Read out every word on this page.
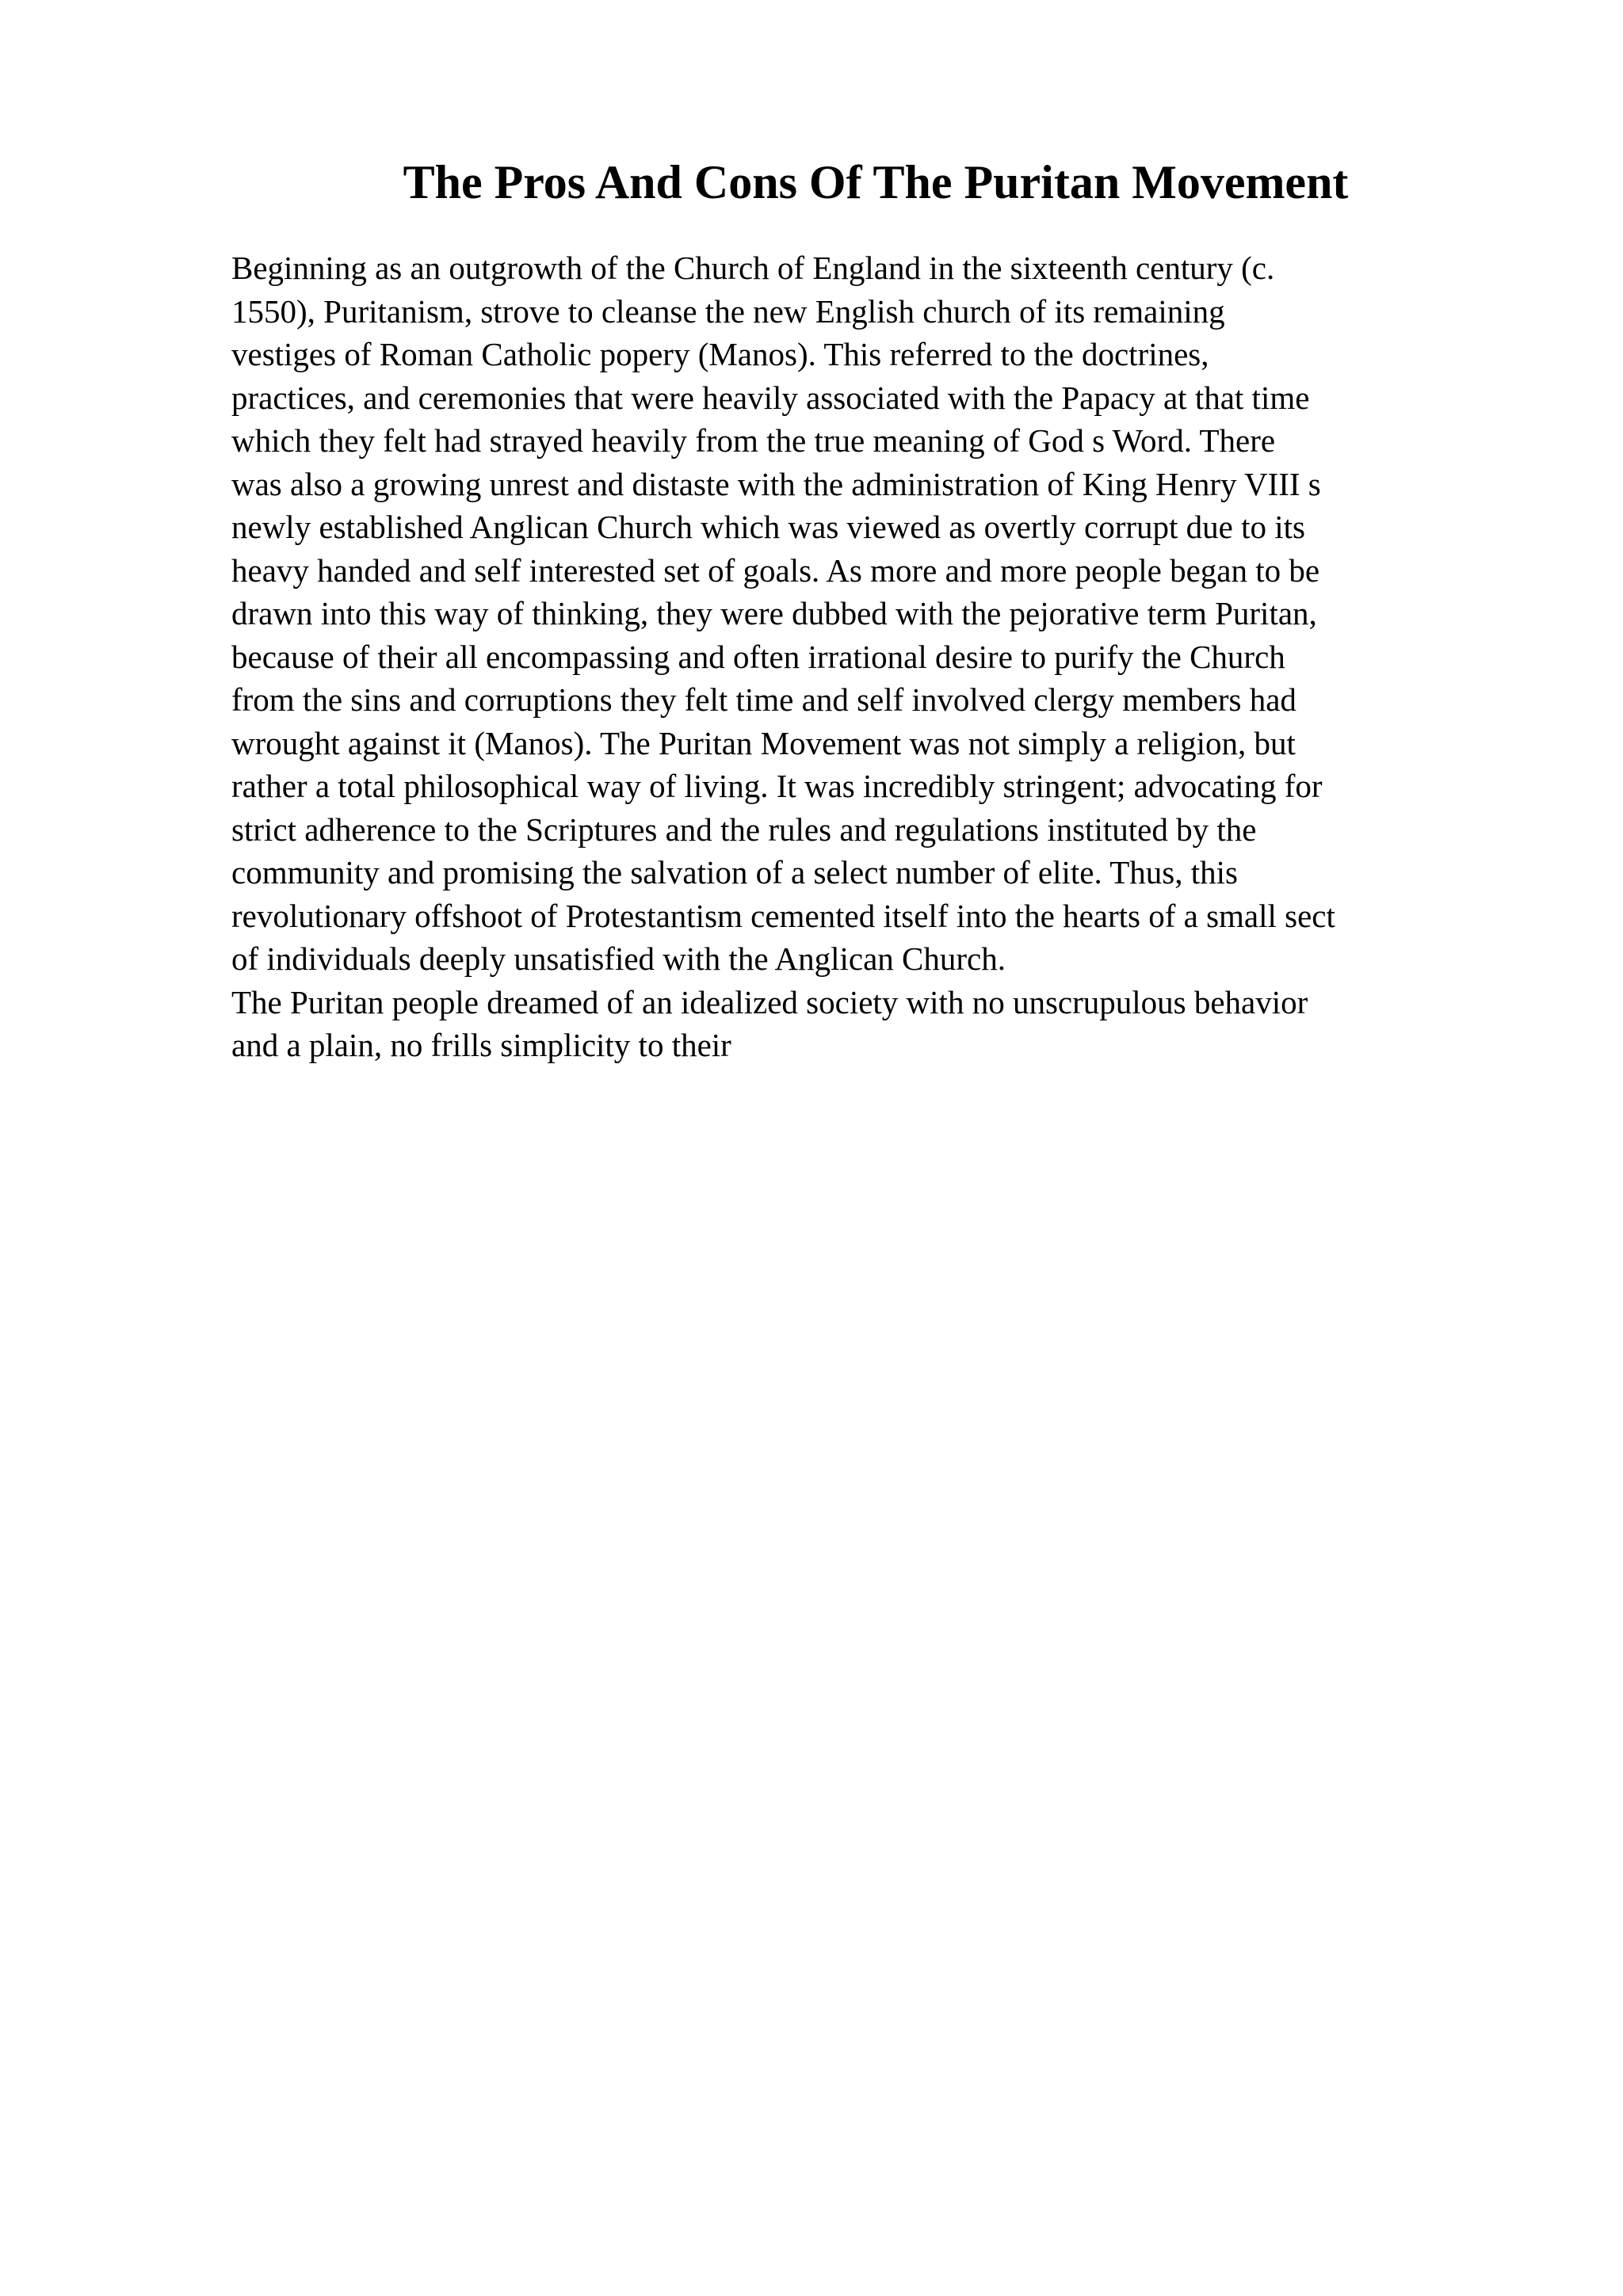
The Pros And Cons Of The Puritan Movement
Beginning as an outgrowth of the Church of England in the sixteenth century (c.
1550), Puritanism, strove to cleanse the new English church of its remaining
vestiges of Roman Catholic popery (Manos). This referred to the doctrines,
practices, and ceremonies that were heavily associated with the Papacy at that time
which they felt had strayed heavily from the true meaning of God s Word. There
was also a growing unrest and distaste with the administration of King Henry VIII s
newly established Anglican Church which was viewed as overtly corrupt due to its
heavy handed and self interested set of goals. As more and more people began to be
drawn into this way of thinking, they were dubbed with the pejorative term Puritan,
because of their all encompassing and often irrational desire to purify the Church
from the sins and corruptions they felt time and self involved clergy members had
wrought against it (Manos). The Puritan Movement was not simply a religion, but
rather a total philosophical way of living. It was incredibly stringent; advocating for
strict adherence to the Scriptures and the rules and regulations instituted by the
community and promising the salvation of a select number of elite. Thus, this
revolutionary offshoot of Protestantism cemented itself into the hearts of a small sect
of individuals deeply unsatisfied with the Anglican Church.
The Puritan people dreamed of an idealized society with no unscrupulous behavior
and a plain, no frills simplicity to their
